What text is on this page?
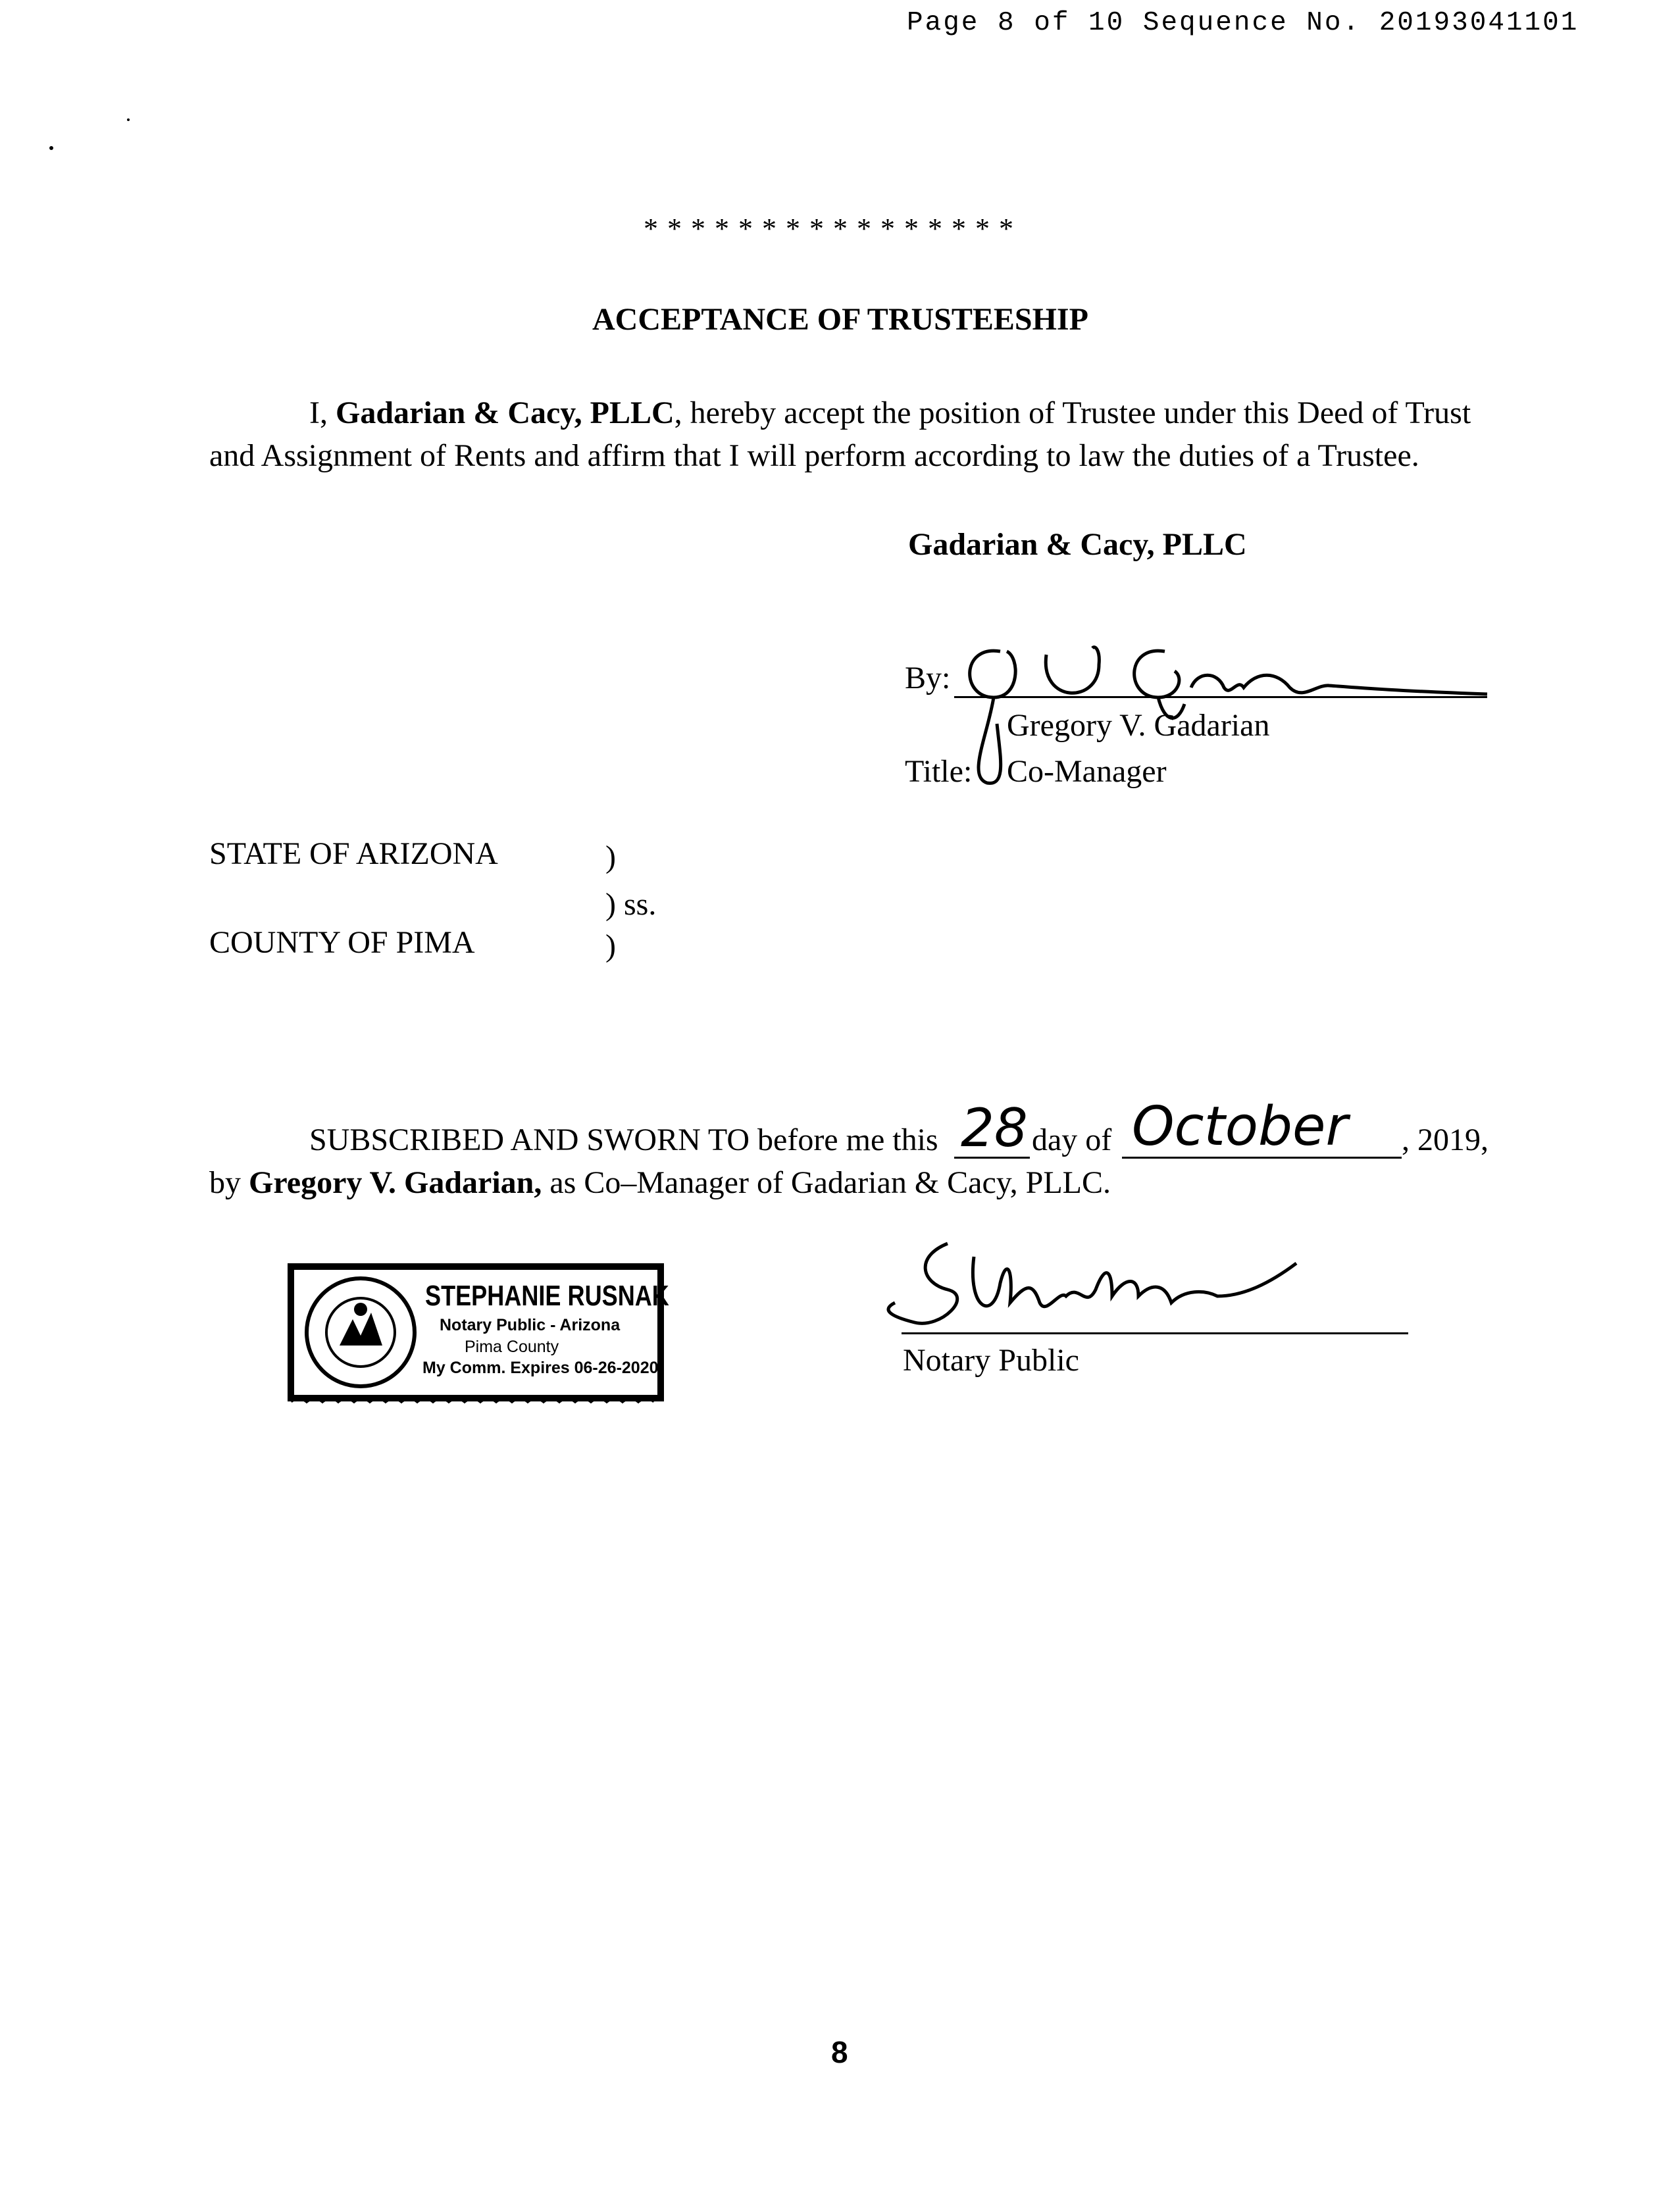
Page 8 of 10 Sequence No. 20193041101
****************
ACCEPTANCE OF TRUSTEESHIP
I, Gadarian & Cacy, PLLC, hereby accept the position of Trustee under this Deed of Trust
and Assignment of Rents and affirm that I will perform according to law the duties of a Trustee.
Gadarian & Cacy, PLLC
By:
Gregory V. Gadarian
Title: Co-Manager
STATE OF ARIZONA	)
) ss.
COUNTY OF PIMA	)
SUBSCRIBED AND SWORN TO before me this 28 day of October , 2019,
by Gregory V. Gadarian, as Co–Manager of Gadarian & Cacy, PLLC.
STEPHANIE RUSNAK
Notary Public - Arizona
Pima County
My Comm. Expires 06-26-2020	Notary Public
8
